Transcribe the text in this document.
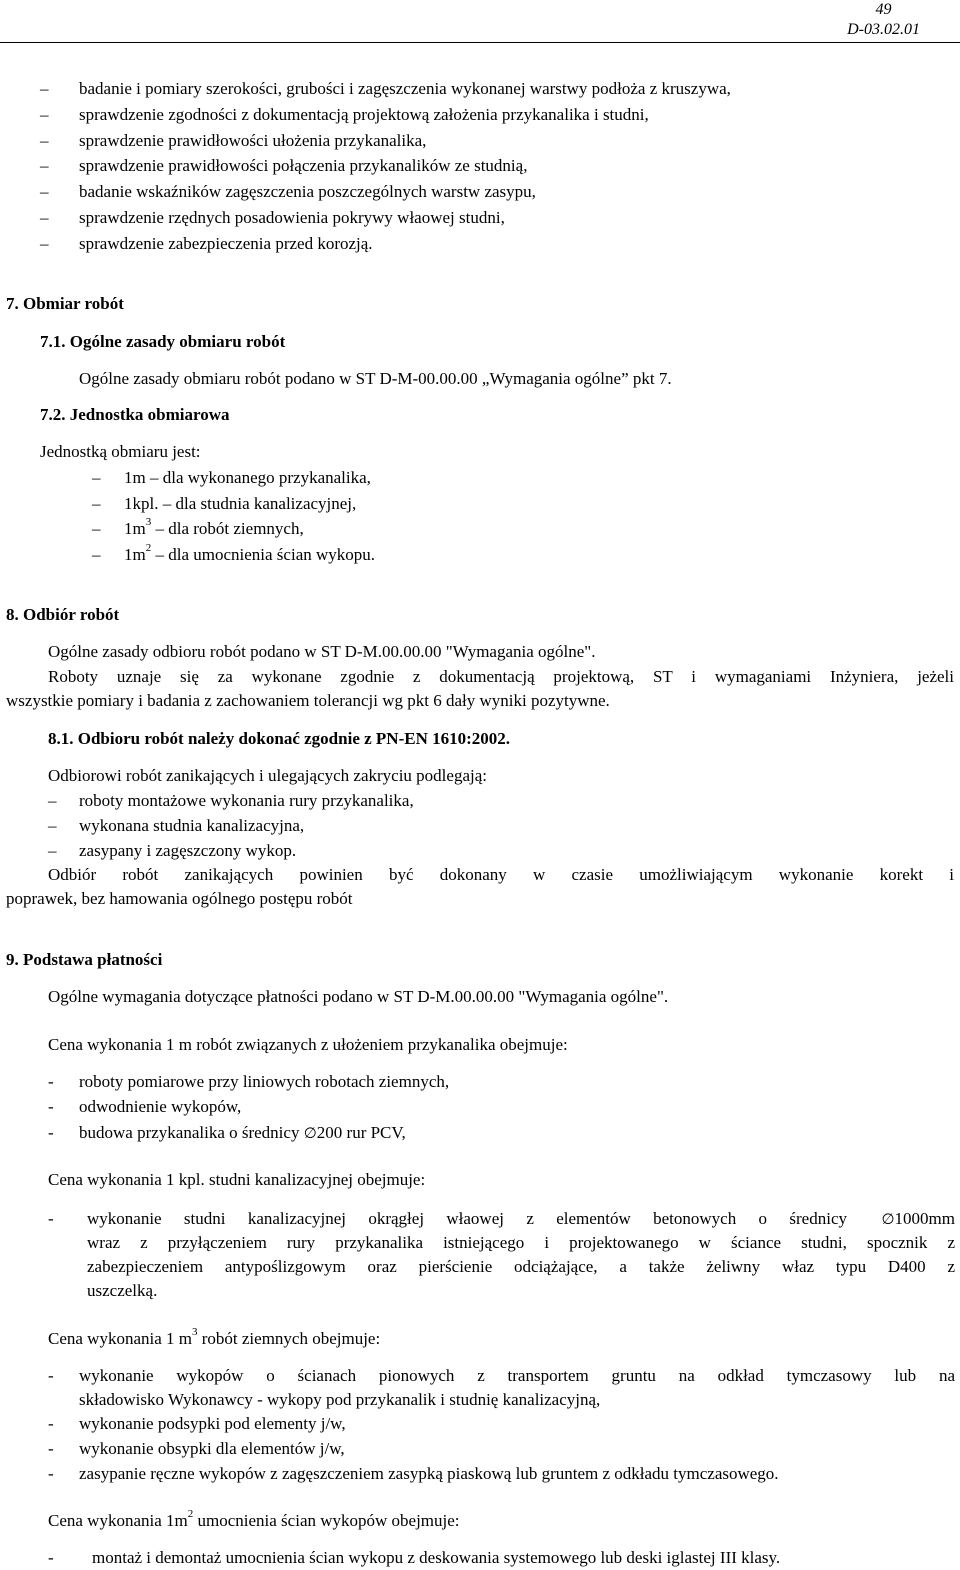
49
D-03.02.01
– badanie i pomiary szerokości, grubości i zagęszczenia wykonanej warstwy podłoża z kruszywa,
– sprawdzenie zgodności z dokumentacją projektową założenia przykanalika i studni,
– sprawdzenie prawidłowości ułożenia przykanalika,
– sprawdzenie prawidłowości połączenia przykanalików ze studnią,
– badanie wskaźników zagęszczenia poszczególnych warstw zasypu,
– sprawdzenie rzędnych posadowienia pokrywy właowej studni,
– sprawdzenie zabezpieczenia przed korozją.
7. Obmiar robót
7.1. Ogólne zasady obmiaru robót
Ogólne zasady obmiaru robót podano w ST D-M-00.00.00 „Wymagania ogólne” pkt 7.
7.2. Jednostka obmiarowa
Jednostką obmiaru jest:
– 1m – dla wykonanego przykanalika,
– 1kpl. – dla studnia kanalizacyjnej,
– $1m^3$ – dla robót ziemnych,
– $1m^2$ – dla umocnienia ścian wykopu.
8. Odbiór robót
Ogólne zasady odbioru robót podano w ST D-M.00.00.00 "Wymagania ogólne".
Roboty uznaje się za wykonane zgodnie z dokumentacją projektową, ST i wymaganiami Inżyniera, jeżeli
wszystkie pomiary i badania z zachowaniem tolerancji wg pkt 6 dały wyniki pozytywne.
8.1. Odbioru robót należy dokonać zgodnie z PN-EN 1610:2002.
Odbiorowi robót zanikających i ulegających zakryciu podlegają:
– roboty montażowe wykonania rury przykanalika,
– wykonana studnia kanalizacyjna,
– zasypany i zagęszczony wykop.
Odbiór robót zanikających powinien być dokonany w czasie umożliwiającym wykonanie korekt i
poprawek, bez hamowania ogólnego postępu robót
9. Podstawa płatności
Ogólne wymagania dotyczące płatności podano w ST D-M.00.00.00 "Wymagania ogólne".
Cena wykonania 1 m robót związanych z ułożeniem przykanalika obejmuje:
- roboty pomiarowe przy liniowych robotach ziemnych,
- odwodnienie wykopów,
- budowa przykanalika o średnicy ∅200 rur PCV,
Cena wykonania 1 kpl. studni kanalizacyjnej obejmuje:
- wykonanie studni kanalizacyjnej okrągłej właowej z elementów betonowych o średnicy ∅1000mm
wraz z przyłączeniem rury przykanalika istniejącego i projektowanego w ściance studni, spocznik z
zabezpieczeniem antypoślizgowym oraz pierścienie odciążające, a także żeliwny właz typu D400 z
uszczelką.
Cena wykonania 1 $m^3$ robót ziemnych obejmuje:
- wykonanie wykopów o ścianach pionowych z transportem gruntu na odkład tymczasowy lub na
składowisko Wykonawcy - wykopy pod przykanalik i studnię kanalizacyjną,
- wykonanie podsypki pod elementy j/w,
- wykonanie obsypki dla elementów j/w,
- zasypanie ręczne wykopów z zagęszczeniem zasypką piaskową lub gruntem z odkładu tymczasowego.
Cena wykonania $1m^2$ umocnienia ścian wykopów obejmuje:
- montaż i demontaż umocnienia ścian wykopu z deskowania systemowego lub deski iglastej III klasy.
